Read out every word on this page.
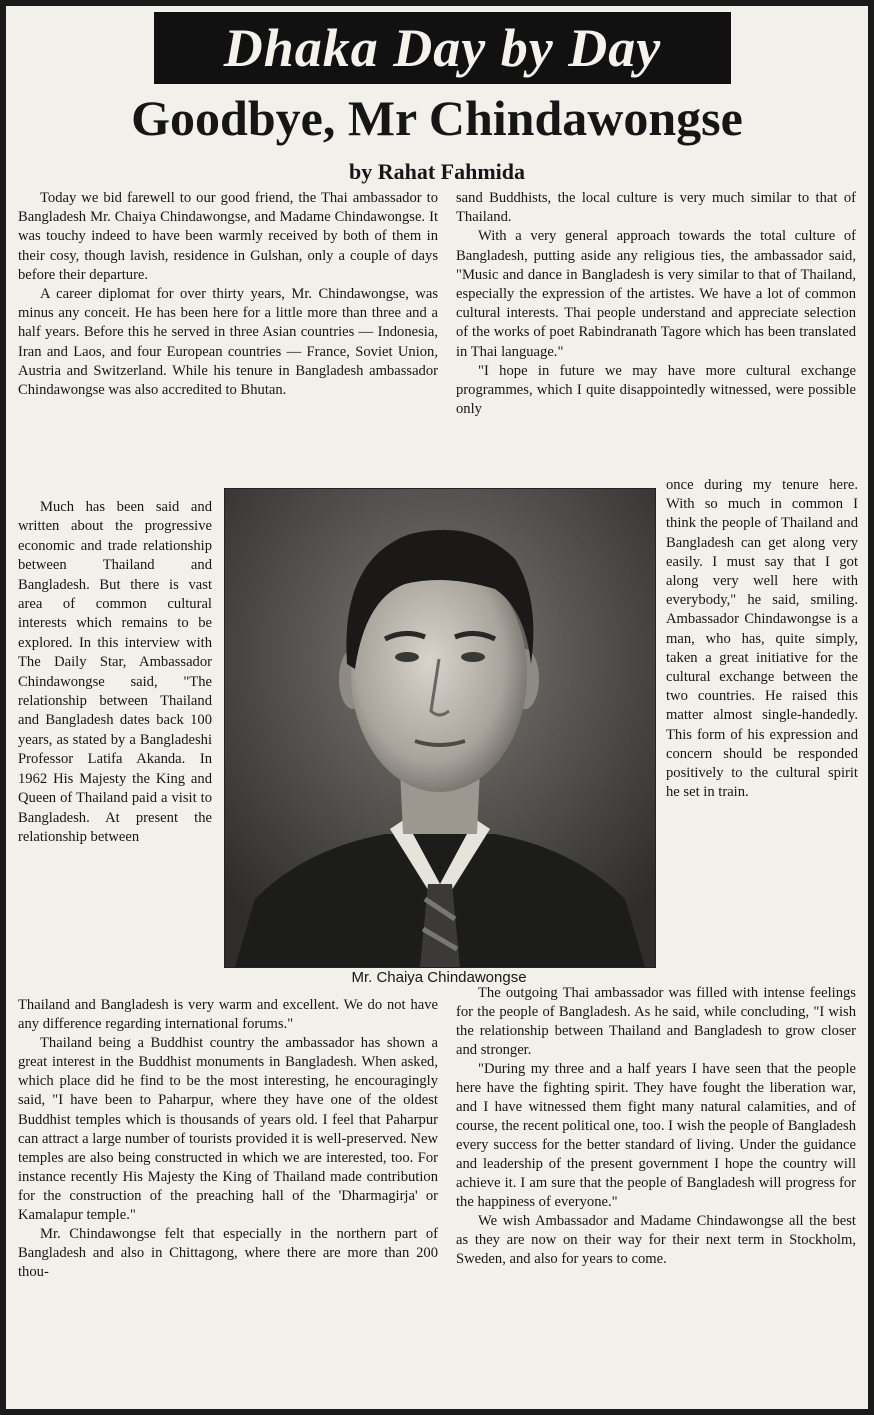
Dhaka Day by Day
Goodbye, Mr Chindawongse
by Rahat Fahmida

Today we bid farewell to our good friend, the Thai ambassador to Bangladesh Mr. Chaiya Chindawongse, and Madame Chindawongse. It was touchy indeed to have been warmly received by both of them in their cosy, though lavish, residence in Gulshan, only a couple of days before their departure.

A career diplomat for over thirty years, Mr. Chindawongse, was minus any conceit. He has been here for a little more than three and a half years. Before this he served in three Asian countries — Indonesia, Iran and Laos, and four European countries — France, Soviet Union, Austria and Switzerland. While his tenure in Bangladesh ambassador Chindawongse was also accredited to Bhutan.

Much has been said and written about the progressive economic and trade relationship between Thailand and Bangladesh. But there is vast area of common cultural interests which remains to be explored. In this interview with The Daily Star, Ambassador Chindawongse said, "The relationship between Thailand and Bangladesh dates back 100 years, as stated by a Bangladeshi Professor Latifa Akanda. In 1962 His Majesty the King and Queen of Thailand paid a visit to Bangladesh. At present the relationship between

Thailand and Bangladesh is very warm and excellent. We do not have any difference regarding international forums."

Thailand being a Buddhist country the ambassador has shown a great interest in the Buddhist monuments in Bangladesh. When asked, which place did he find to be the most interesting, he encouragingly said, "I have been to Paharpur, where they have one of the oldest Buddhist temples which is thousands of years old. I feel that Paharpur can attract a large number of tourists provided it is well-preserved. New temples are also being constructed in which we are interested, too. For instance recently His Majesty the King of Thailand made contribution for the construction of the preaching hall of the 'Dharmagirja' or Kamalapur temple."

Mr. Chindawongse felt that especially in the northern part of Bangladesh and also in Chittagong, where there are more than 200 thou-

sand Buddhists, the local culture is very much similar to that of Thailand.

With a very general approach towards the total culture of Bangladesh, putting aside any religious ties, the ambassador said, "Music and dance in Bangladesh is very similar to that of Thailand, especially the expression of the artistes. We have a lot of common cultural interests. Thai people understand and appreciate selection of the works of poet Rabindranath Tagore which has been translated in Thai language."

"I hope in future we may have more cultural exchange programmes, which I quite disappointedly witnessed, were possible only

once during my tenure here. With so much in common I think the people of Thailand and Bangladesh can get along very easily. I must say that I got along very well here with everybody," he said, smiling. Ambassador Chindawongse is a man, who has, quite simply, taken a great initiative for the cultural exchange between the two countries. He raised this matter almost single-handedly. This form of his expression and concern should be responded positively to the cultural spirit he set in train.

The outgoing Thai ambassador was filled with intense feelings for the people of Bangladesh. As he said, while concluding, "I wish the relationship between Thailand and Bangladesh to grow closer and stronger.

"During my three and a half years I have seen that the people here have the fighting spirit. They have fought the liberation war, and I have witnessed them fight many natural calamities, and of course, the recent political one, too. I wish the people of Bangladesh every success for the better standard of living. Under the guidance and leadership of the present government I hope the country will achieve it. I am sure that the people of Bangladesh will progress for the happiness of everyone."

We wish Ambassador and Madame Chindawongse all the best as they are now on their way for their next term in Stockholm, Sweden, and also for years to come.

Mr. Chaiya Chindawongse
